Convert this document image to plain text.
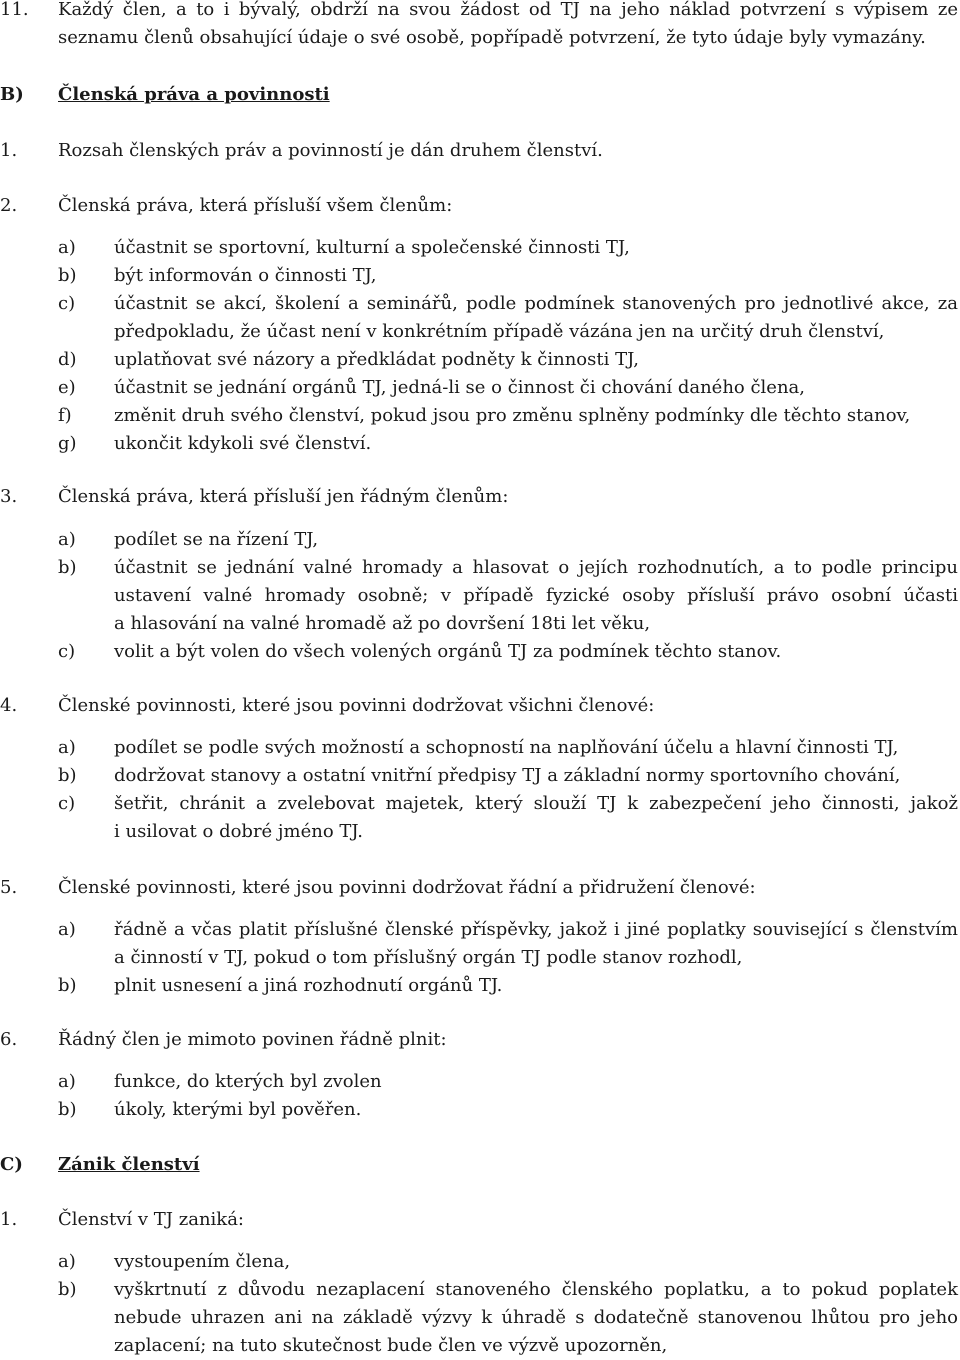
11. Každý člen, a to i bývalý, obdrží na svou žádost od TJ na jeho náklad potvrzení s výpisem ze
seznamu členů obsahující údaje o své osobě, popřípadě potvrzení, že tyto údaje byly vymazány.
B) Členská práva a povinnosti
1. Rozsah členských práv a povinností je dán druhem členství.
2. Členská práva, která přísluší všem členům:
a) účastnit se sportovní, kulturní a společenské činnosti TJ,
b) být informován o činnosti TJ,
c) účastnit se akcí, školení a seminářů, podle podmínek stanovených pro jednotlivé akce, za
předpokladu, že účast není v konkrétním případě vázána jen na určitý druh členství,
d) uplatňovat své názory a předkládat podněty k činnosti TJ,
e) účastnit se jednání orgánů TJ, jedná-li se o činnost či chování daného člena,
f) změnit druh svého členství, pokud jsou pro změnu splněny podmínky dle těchto stanov,
g) ukončit kdykoli své členství.
3. Členská práva, která přísluší jen řádným členům:
a) podílet se na řízení TJ,
b) účastnit se jednání valné hromady a hlasovat o jejích rozhodnutích, a to podle principu
ustavení valné hromady osobně; v případě fyzické osoby přísluší právo osobní účasti
a hlasování na valné hromadě až po dovršení 18ti let věku,
c) volit a být volen do všech volených orgánů TJ za podmínek těchto stanov.
4. Členské povinnosti, které jsou povinni dodržovat všichni členové:
a) podílet se podle svých možností a schopností na naplňování účelu a hlavní činnosti TJ,
b) dodržovat stanovy a ostatní vnitřní předpisy TJ a základní normy sportovního chování,
c) šetřit, chránit a zvelebovat majetek, který slouží TJ k zabezpečení jeho činnosti, jakož
i usilovat o dobré jméno TJ.
5. Členské povinnosti, které jsou povinni dodržovat řádní a přidružení členové:
a) řádně a včas platit příslušné členské příspěvky, jakož i jiné poplatky související s členstvím
a činností v TJ, pokud o tom příslušný orgán TJ podle stanov rozhodl,
b) plnit usnesení a jiná rozhodnutí orgánů TJ.
6. Řádný člen je mimoto povinen řádně plnit:
a) funkce, do kterých byl zvolen
b) úkoly, kterými byl pověřen.
C) Zánik členství
1. Členství v TJ zaniká:
a) vystoupením člena,
b) vyškrtnutí z důvodu nezaplacení stanoveného členského poplatku, a to pokud poplatek
nebude uhrazen ani na základě výzvy k úhradě s dodatečně stanovenou lhůtou pro jeho
zaplacení; na tuto skutečnost bude člen ve výzvě upozorněn,
